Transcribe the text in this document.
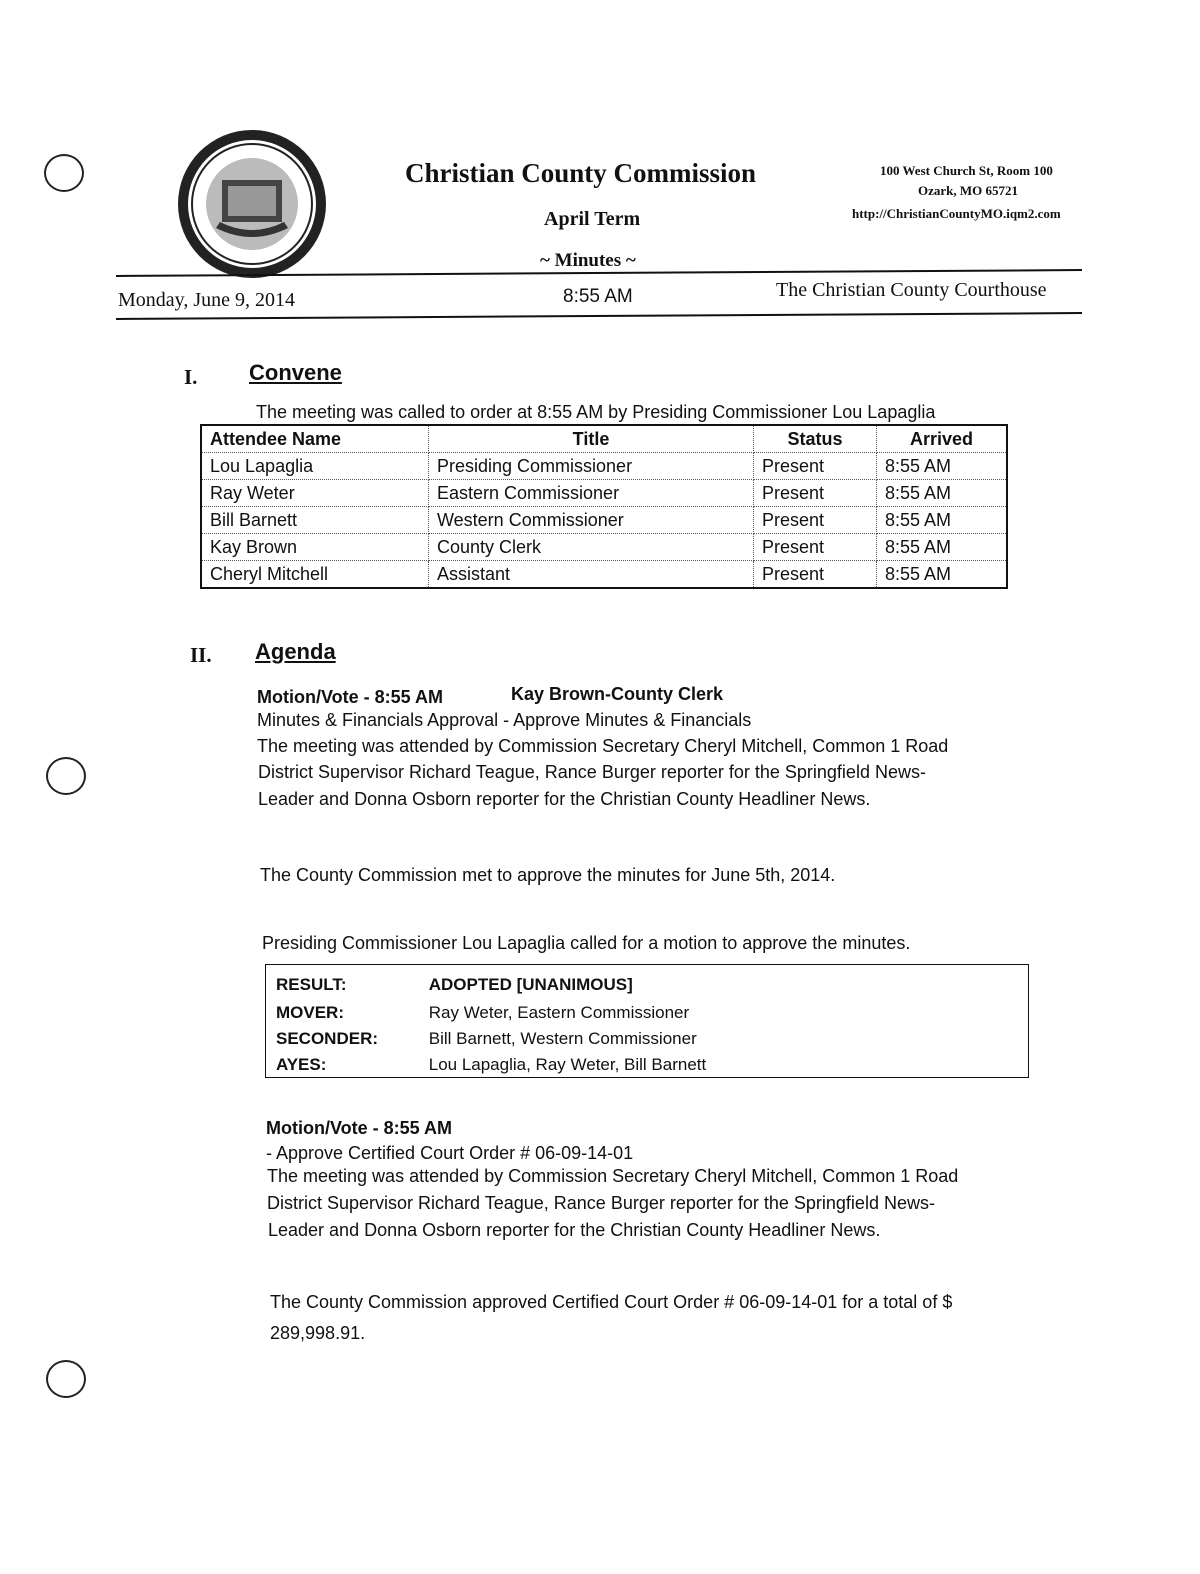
Christian County Commission
April Term
~ Minutes ~
100 West Church St, Room 100
Ozark, MO 65721
http://ChristianCountyMO.iqm2.com
Monday, June 9, 2014	8:55 AM	The Christian County Courthouse
I. Convene
The meeting was called to order at 8:55 AM by Presiding Commissioner Lou Lapaglia
Attendee Name	Title	Status	Arrived
Lou Lapaglia	Presiding Commissioner	Present	8:55 AM
Ray Weter	Eastern Commissioner	Present	8:55 AM
Bill Barnett	Western Commissioner	Present	8:55 AM
Kay Brown	County Clerk	Present	8:55 AM
Cheryl Mitchell	Assistant	Present	8:55 AM
II. Agenda
Motion/Vote - 8:55 AM	Kay Brown-County Clerk
Minutes & Financials Approval - Approve Minutes & Financials
The meeting was attended by Commission Secretary Cheryl Mitchell, Common 1 Road
District Supervisor Richard Teague, Rance Burger reporter for the Springfield News-
Leader and Donna Osborn reporter for the Christian County Headliner News.
The County Commission met to approve the minutes for June 5th, 2014.
Presiding Commissioner Lou Lapaglia called for a motion to approve the minutes.
RESULT:	ADOPTED [UNANIMOUS]
MOVER:	Ray Weter, Eastern Commissioner
SECONDER:	Bill Barnett, Western Commissioner
AYES:	Lou Lapaglia, Ray Weter, Bill Barnett
Motion/Vote - 8:55 AM
- Approve Certified Court Order # 06-09-14-01
The meeting was attended by Commission Secretary Cheryl Mitchell, Common 1 Road
District Supervisor Richard Teague, Rance Burger reporter for the Springfield News-
Leader and Donna Osborn reporter for the Christian County Headliner News.
The County Commission approved Certified Court Order # 06-09-14-01 for a total of $
289,998.91.
